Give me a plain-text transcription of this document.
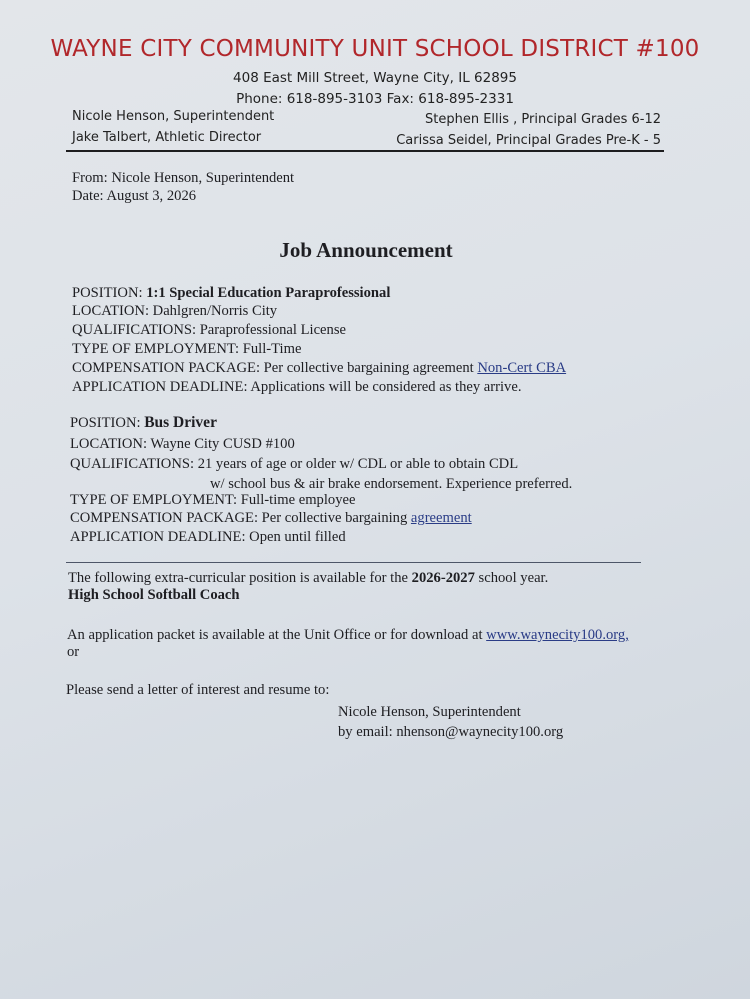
WAYNE CITY COMMUNITY UNIT SCHOOL DISTRICT #100
408 East Mill Street, Wayne City, IL 62895
Phone: 618-895-3103 Fax: 618-895-2331
Nicole Henson, Superintendent
Jake Talbert, Athletic Director
Stephen Ellis , Principal Grades 6-12
Carissa Seidel, Principal Grades Pre-K - 5
From: Nicole Henson, Superintendent
Date: August 3, 2026
Job Announcement
POSITION: 1:1 Special Education Paraprofessional
LOCATION: Dahlgren/Norris City
QUALIFICATIONS: Paraprofessional License
TYPE OF EMPLOYMENT: Full-Time
COMPENSATION PACKAGE: Per collective bargaining agreement Non-Cert CBA
APPLICATION DEADLINE: Applications will be considered as they arrive.
POSITION: Bus Driver
LOCATION: Wayne City CUSD #100
QUALIFICATIONS: 21 years of age or older w/ CDL or able to obtain CDL
w/ school bus & air brake endorsement. Experience preferred.
TYPE OF EMPLOYMENT: Full-time employee
COMPENSATION PACKAGE: Per collective bargaining agreement
APPLICATION DEADLINE: Open until filled
The following extra-curricular position is available for the 2026-2027 school year.
High School Softball Coach
An application packet is available at the Unit Office or for download at www.waynecity100.org,
or
Please send a letter of interest and resume to:
Nicole Henson, Superintendent
by email: nhenson@waynecity100.org
